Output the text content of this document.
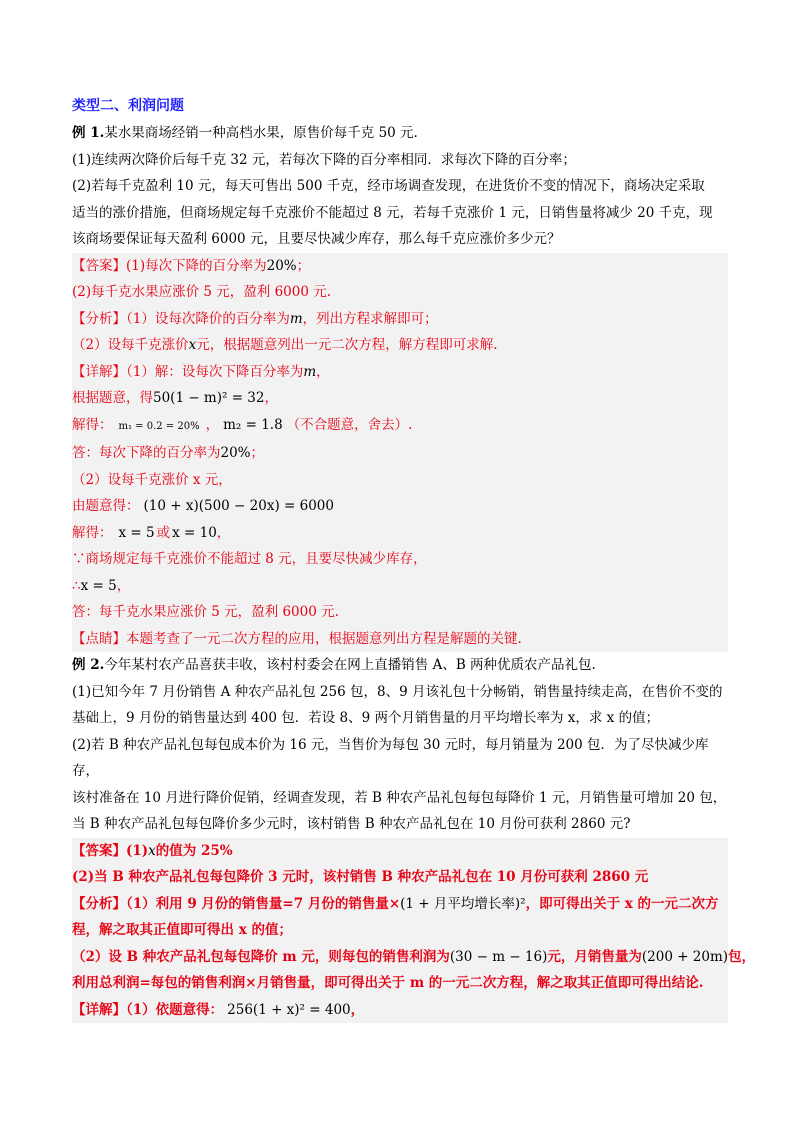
类型二、利润问题
例 1.某水果商场经销一种高档水果，原售价每千克 50 元.
(1)连续两次降价后每千克 32 元，若每次下降的百分率相同．求每次下降的百分率；
(2)若每千克盈利 10 元，每天可售出 500 千克，经市场调查发现，在进货价不变的情况下，商场决定采取
适当的涨价措施，但商场规定每千克涨价不能超过 8 元，若每千克涨价 1 元，日销售量将减少 20 千克，现
该商场要保证每天盈利 6000 元，且要尽快减少库存，那么每千克应涨价多少元？
【答案】(1)每次下降的百分率为20%；
(2)每千克水果应涨价 5 元，盈利 6000 元.
【分析】（1）设每次降价的百分率为m，列出方程求解即可；
（2）设每千克涨价x元，根据题意列出一元二次方程，解方程即可求解.
【详解】（1）解：设每次下降百分率为m，
根据题意，得50(1 − m)² = 32，
解得： m₁ = 0.2 = 20% ， m₂ = 1.8 （不合题意，舍去）.
答：每次下降的百分率为20%；
（2）设每千克涨价 x 元，
由题意得： (10 + x)(500 − 20x) = 6000
解得： x = 5 或 x = 10，
∵商场规定每千克涨价不能超过 8 元，且要尽快减少库存，
∴x = 5，
答：每千克水果应涨价 5 元，盈利 6000 元.
【点睛】本题考查了一元二次方程的应用，根据题意列出方程是解题的关键.
例 2.今年某村农产品喜获丰收，该村村委会在网上直播销售 A、B 两种优质农产品礼包.
(1)已知今年 7 月份销售 A 种农产品礼包 256 包，8、9 月该礼包十分畅销，销售量持续走高，在售价不变的
基础上，9 月份的销售量达到 400 包．若设 8、9 两个月销售量的月平均增长率为 x，求 x 的值；
(2)若 B 种农产品礼包每包成本价为 16 元，当售价为每包 30 元时，每月销量为 200 包．为了尽快减少库存，
该村准备在 10 月进行降价促销，经调查发现，若 B 种农产品礼包每包每降价 1 元，月销售量可增加 20 包，
当 B 种农产品礼包每包降价多少元时，该村销售 B 种农产品礼包在 10 月份可获利 2860 元?
【答案】(1)x的值为 25%
(2)当 B 种农产品礼包每包降价 3 元时，该村销售 B 种农产品礼包在 10 月份可获利 2860 元
【分析】（1）利用 9 月份的销售量=7 月份的销售量×(1 + 月平均增长率)²，即可得出关于 x 的一元二次方
程，解之取其正值即可得出 x 的值；
（2）设 B 种农产品礼包每包降价 m 元，则每包的销售利润为(30 − m − 16)元，月销售量为(200 + 20m)包，
利用总利润=每包的销售利润×月销售量，即可得出关于 m 的一元二次方程，解之取其正值即可得出结论.
【详解】（1）依题意得： 256(1 + x)² = 400，
